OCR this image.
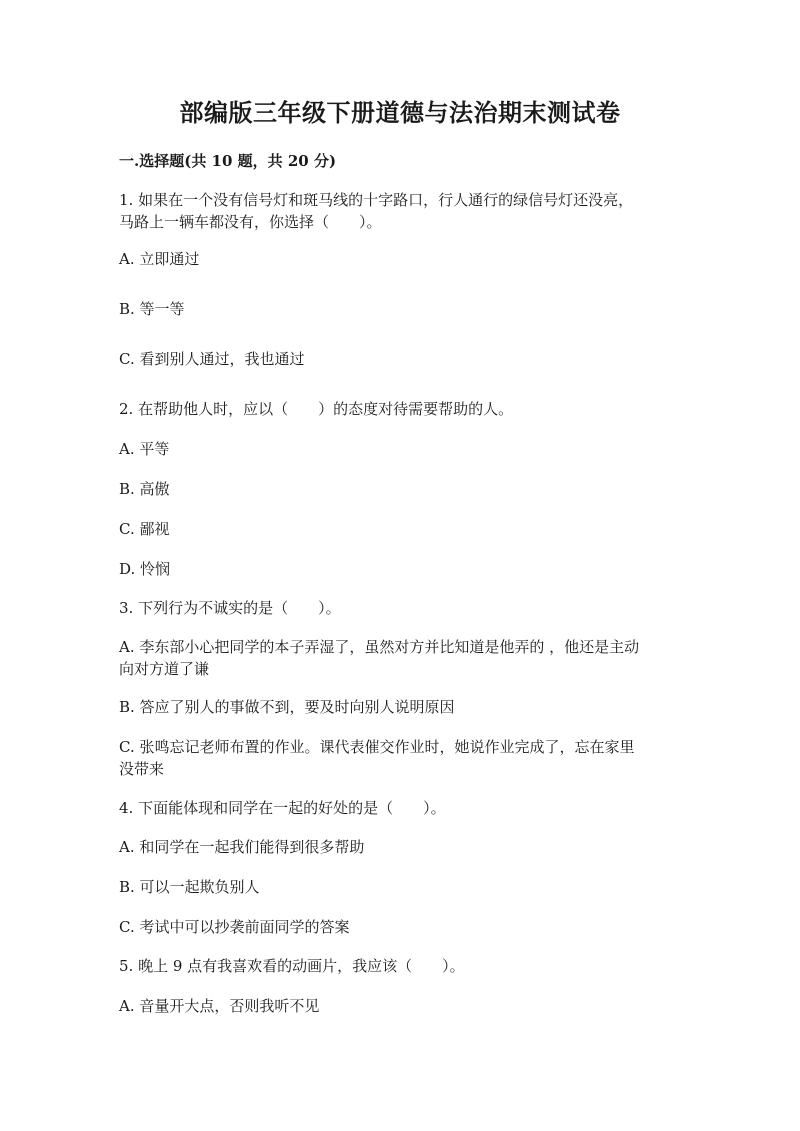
部编版三年级下册道德与法治期末测试卷
一.选择题(共 10 题，共 20 分)
1. 如果在一个没有信号灯和斑马线的十字路口，行人通行的绿信号灯还没亮，
马路上一辆车都没有，你选择（　　）。
A. 立即通过
B. 等一等
C. 看到别人通过，我也通过
2. 在帮助他人时，应以（　　）的态度对待需要帮助的人。
A. 平等
B. 高傲
C. 鄙视
D. 怜悯
3. 下列行为不诚实的是（　　）。
A. 李东部小心把同学的本子弄湿了，虽然对方并比知道是他弄的 ，他还是主动
向对方道了谦
B. 答应了别人的事做不到，要及时向别人说明原因
C. 张鸣忘记老师布置的作业。课代表催交作业时，她说作业完成了，忘在家里
没带来
4. 下面能体现和同学在一起的好处的是（　　）。
A. 和同学在一起我们能得到很多帮助
B. 可以一起欺负别人
C. 考试中可以抄袭前面同学的答案
5. 晚上 9 点有我喜欢看的动画片，我应该（　　）。
A. 音量开大点，否则我听不见
